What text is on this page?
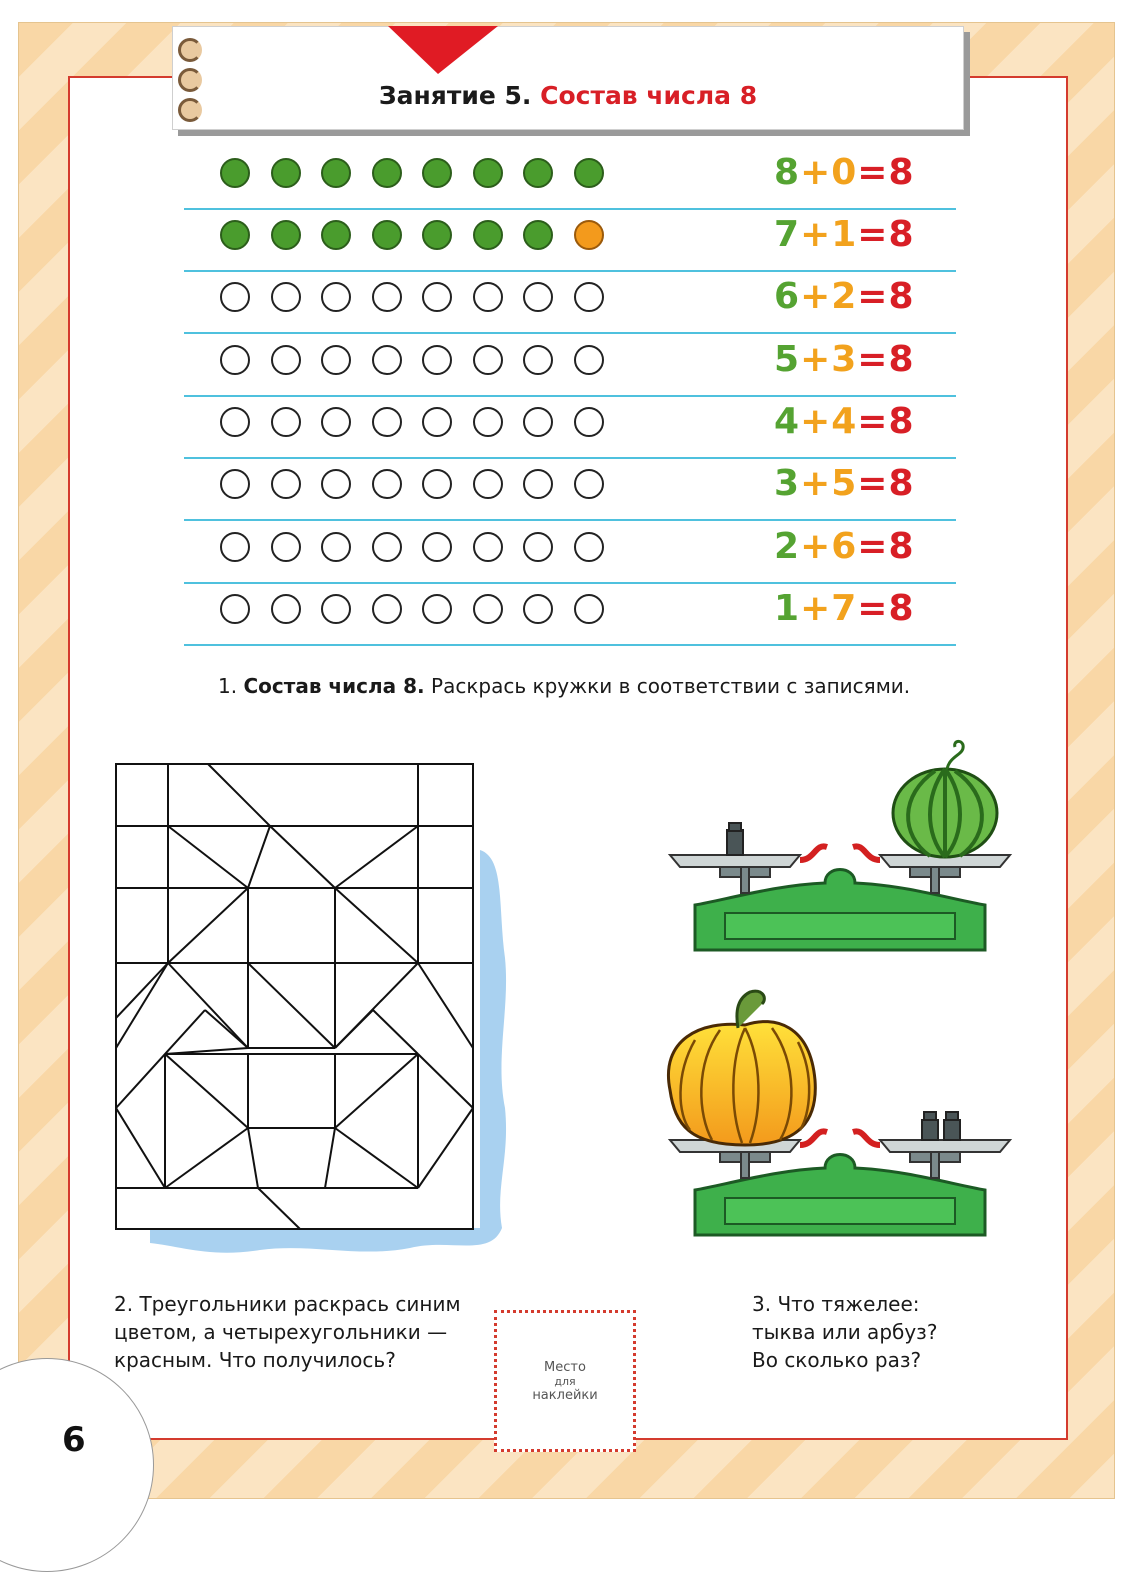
Занятие 5. Состав числа 8
8+0=8
7+1=8
6+2=8
5+3=8
4+4=8
3+5=8
2+6=8
1+7=8
1. Состав числа 8. Раскрась кружки в соответствии с записями.
2. Треугольники раскрась синим
цветом, а четырехугольники —
красным. Что получилось?
3. Что тяжелее:
тыква или арбуз?
Во сколько раз?
Место
для
наклейки
6
